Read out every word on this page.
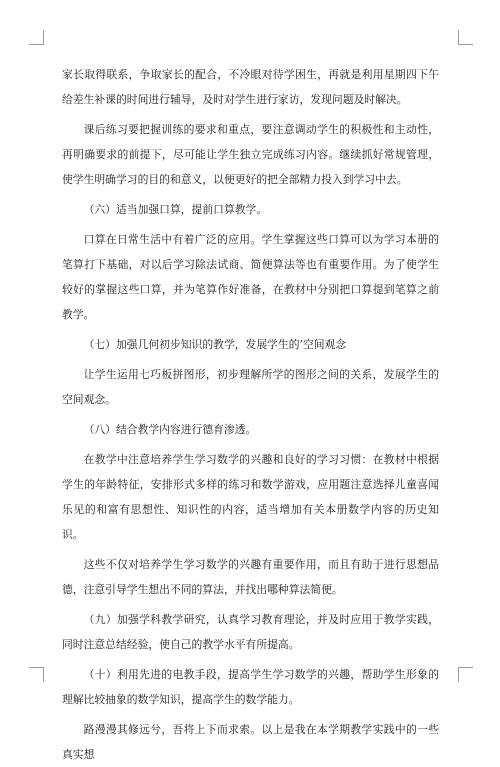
家长取得联系，争取家长的配合，不冷眼对待学困生，再就是利用星期四下午给差生补课的时间进行辅导，及时对学生进行家访，发现问题及时解决。

课后练习要把握训练的要求和重点，要注意调动学生的积极性和主动性，再明确要求的前提下，尽可能让学生独立完成练习内容。继续抓好常规管理，使学生明确学习的目的和意义，以便更好的把全部精力投入到学习中去。

（六）适当加强口算，提前口算教学。

口算在日常生活中有着广泛的应用。学生掌握这些口算可以为学习本册的笔算打下基础，对以后学习除法试商、简便算法等也有重要作用。为了使学生较好的掌握这些口算，并为笔算作好准备，在教材中分别把口算提到笔算之前教学。

（七）加强几何初步知识的教学，发展学生的’空间观念

让学生运用七巧板拼图形，初步理解所学的图形之间的关系，发展学生的空间观念。

（八）结合教学内容进行德育渗透。

在教学中注意培养学生学习数学的兴趣和良好的学习习惯：在教材中根据学生的年龄特征，安排形式多样的练习和数学游戏，应用题注意选择儿童喜闻乐见的和富有思想性、知识性的内容，适当增加有关本册数学内容的历史知识。

这些不仅对培养学生学习数学的兴趣有重要作用，而且有助于进行思想品德，注意引导学生想出不同的算法，并找出哪种算法简便。

（九）加强学科教学研究，认真学习教育理论，并及时应用于教学实践，同时注意总结经验，使自己的教学水平有所提高。

（十）利用先进的电教手段，提高学生学习数学的兴趣，帮助学生形象的理解比较抽象的数学知识，提高学生的数学能力。

路漫漫其修远兮，吾将上下而求索。以上是我在本学期教学实践中的一些真实想
